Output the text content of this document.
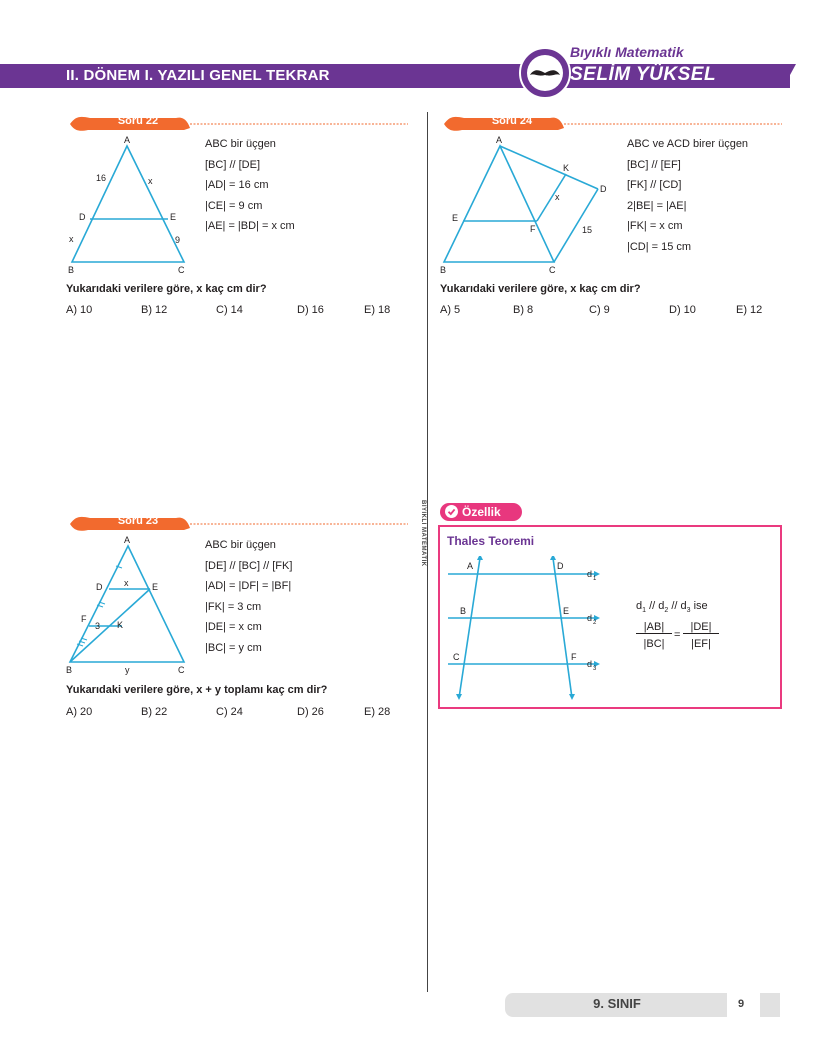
II. DÖNEM I. YAZILI GENEL TEKRAR
Bıyıklı Matematik
SELİM YÜKSEL
Soru 22
A
B	C
D	E
16	x
x	9
ABC bir üçgen
[BC] // [DE]
|AD| = 16 cm
|CE| = 9 cm
|AE| = |BD| = x cm
Yukarıdaki verilere göre, x kaç cm dir?
A) 10	B) 12	C) 14	D) 16	E) 18
Soru 24
A
B	C
D
E
F
K
x
15
ABC ve ACD birer üçgen
[BC] // [EF]
[FK] // [CD]
2|BE| = |AE|
|FK| = x cm
|CD| = 15 cm
Yukarıdaki verilere göre, x kaç cm dir?
A) 5	B) 8	C) 9	D) 10	E) 12
BIYIKLI MATEMATİK
Soru 23
A
B	C
D	E
F
K
x
3
y
ABC bir üçgen
[DE] // [BC] // [FK]
|AD| = |DF| = |BF|
|FK| = 3 cm
|DE| = x cm
|BC| = y cm
Yukarıdaki verilere göre, x + y toplamı kaç cm dir?
A) 20	B) 22	C) 24	D) 26	E) 28
Özellik
Thales Teoremi
A
B
C
D
E
F
d 1
d 2
d 3
$d_1 // d_2 // d_3$ ise
|AB|
|BC|
=
|DE|
|EF|
9. SINIF	9
